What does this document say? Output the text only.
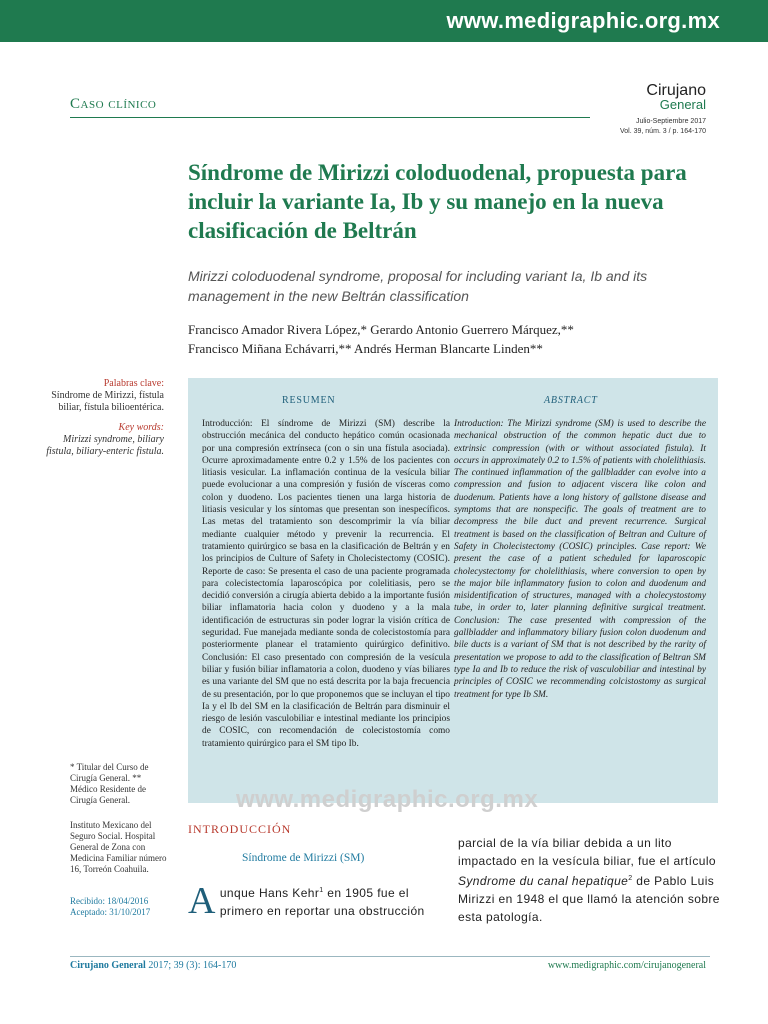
www.medigraphic.org.mx
Caso clínico
Cirujano
General
Julio-Septiembre 2017
Vol. 39, núm. 3 / p. 164-170
Síndrome de Mirizzi coloduodenal, propuesta para incluir la variante Ia, Ib y su manejo en la nueva clasificación de Beltrán
Mirizzi coloduodenal syndrome, proposal for including variant Ia, Ib and its management in the new Beltrán classification
Francisco Amador Rivera López,* Gerardo Antonio Guerrero Márquez,**
Francisco Miñana Echávarri,** Andrés Herman Blancarte Linden**
Palabras clave:
Síndrome de Mirizzi, fístula biliar, fístula bilioentérica.
Key words:
Mirizzi syndrome, biliary fistula, biliary-enteric fistula.
RESUMEN	ABSTRACT
Introducción: El síndrome de Mirizzi (SM) describe la obstrucción mecánica del conducto hepático común ocasionada por una compresión extrínseca (con o sin una fístula asociada). Ocurre aproximadamente entre 0.2 y 1.5% de los pacientes con litiasis vesicular. La inflamación continua de la vesícula biliar puede evolucionar a una compresión y fusión de vísceras como colon y duodeno. Los pacientes tienen una larga historia de litiasis vesicular y los síntomas que presentan son inespecíficos. Las metas del tratamiento son descomprimir la vía biliar mediante cualquier método y prevenir la recurrencia. El tratamiento quirúrgico se basa en la clasificación de Beltrán y en los principios de Culture of Safety in Cholecistectomy (COSIC). Reporte de caso: Se presenta el caso de una paciente programada para colecistectomía laparoscópica por colelitiasis, pero se decidió conversión a cirugía abierta debido a la importante fusión biliar inflamatoria hacia colon y duodeno y a la mala identificación de estructuras sin poder lograr la visión crítica de seguridad. Fue manejada mediante sonda de colecistostomía para posteriormente planear el tratamiento quirúrgico definitivo. Conclusión: El caso presentado con compresión de la vesícula biliar y fusión biliar inflamatoria a colon, duodeno y vías biliares es una variante del SM que no está descrita por la baja frecuencia de su presentación, por lo que proponemos que se incluyan el tipo Ia y el Ib del SM en la clasificación de Beltrán para disminuir el riesgo de lesión vasculobiliar e intestinal mediante los principios de COSIC, con recomendación de colecistostomía como tratamiento quirúrgico para el SM tipo Ib.
Introduction: The Mirizzi syndrome (SM) is used to describe the mechanical obstruction of the common hepatic duct due to extrinsic compression (with or without associated fistula). It occurs in approximately 0.2 to 1.5% of patients with cholelithiasis. The continued inflammation of the gallbladder can evolve into a compression and fusion to adjacent viscera like colon and duodenum. Patients have a long history of gallstone disease and symptoms that are nonspecific. The goals of treatment are to decompress the bile duct and prevent recurrence. Surgical treatment is based on the classification of Beltran and Culture of Safety in Cholecistectomy (COSIC) principles. Case report: We present the case of a patient scheduled for laparoscopic cholecystectomy for cholelithiasis, where conversion to open by the major bile inflammatory fusion to colon and duodenum and misidentification of structures, managed with a cholecystostomy tube, in order to, later planning definitive surgical treatment. Conclusion: The case presented with compression of the gallbladder and inflammatory biliary fusion colon duodenum and bile ducts is a variant of SM that is not described by the rarity of presentation we propose to add to the classification of Beltran SM type Ia and Ib to reduce the risk of vasculobiliar and intestinal by principles of COSIC we recommending colcistostomy as surgical treatment for type Ib SM.
www.medigraphic.org.mx
* Titular del Curso de Cirugía General. ** Médico Residente de Cirugía General.
Instituto Mexicano del Seguro Social. Hospital General de Zona con Medicina Familiar número 16, Torreón Coahuila.
Recibido: 18/04/2016
Aceptado: 31/10/2017
INTRODUCCIÓN
Síndrome de Mirizzi (SM)
Aunque Hans Kehr$^1$ en 1905 fue el primero en reportar una obstrucción
parcial de la vía biliar debida a un lito impactado en la vesícula biliar, fue el artículo Syndrome du canal hepatique$^2$ de Pablo Luis Mirizzi en 1948 el que llamó la atención sobre esta patología.
Cirujano General 2017; 39 (3): 164-170	www.medigraphic.com/cirujanogeneral
